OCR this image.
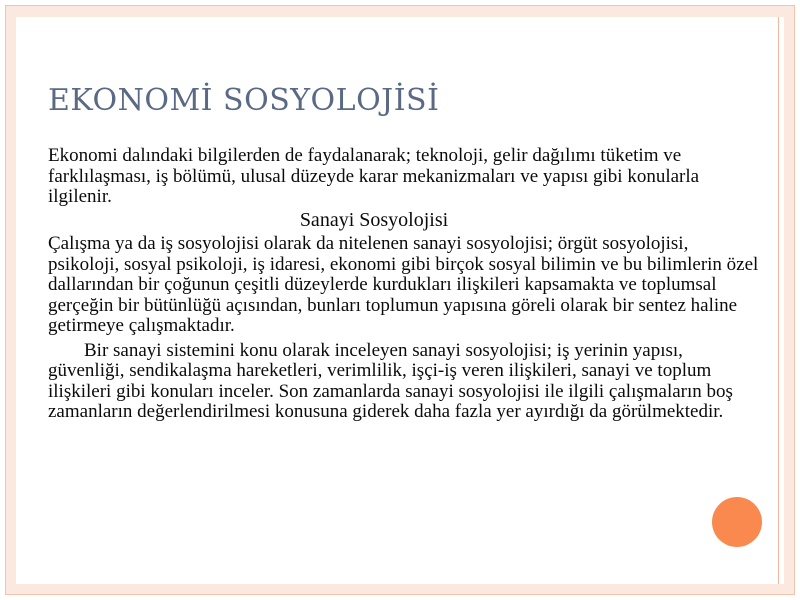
EKONOMİ SOSYOLOJİSİ

Ekonomi dalındaki bilgilerden de faydalanarak; teknoloji, gelir dağılımı tüketim ve farklılaşması, iş bölümü, ulusal düzeyde karar mekanizmaları ve yapısı gibi konularla ilgilenir.

Sanayi Sosyolojisi

Çalışma ya da iş sosyolojisi olarak da nitelenen sanayi sosyolojisi; örgüt sosyolojisi, psikoloji, sosyal psikoloji, iş idaresi, ekonomi gibi birçok sosyal bilimin ve bu bilimlerin özel dallarından bir çoğunun çeşitli düzeylerde kurdukları ilişkileri kapsamakta ve toplumsal gerçeğin bir bütünlüğü açısından, bunları toplumun yapısına göreli olarak bir sentez haline getirmeye çalışmaktadır.

Bir sanayi sistemini konu olarak inceleyen sanayi sosyolojisi; iş yerinin yapısı, güvenliği, sendikalaşma hareketleri, verimlilik, işçi-iş veren ilişkileri, sanayi ve toplum ilişkileri gibi konuları inceler. Son zamanlarda sanayi sosyolojisi ile ilgili çalışmaların boş zamanların değerlendirilmesi konusuna giderek daha fazla yer ayırdığı da görülmektedir.
